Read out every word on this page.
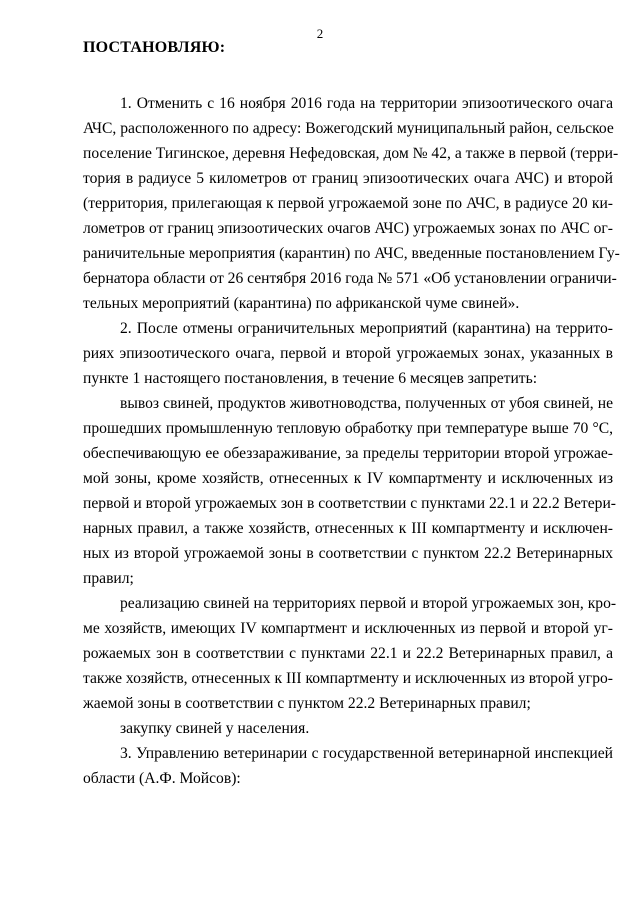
2
ПОСТАНОВЛЯЮ:

1. Отменить с 16 ноября 2016 года на территории эпизоотического очага
АЧС, расположенного по адресу: Вожегодский муниципальный район, сельское
поселение Тигинское, деревня Нефедовская, дом № 42, а также в первой (терри-
тория в радиусе 5 километров от границ эпизоотических очага АЧС) и второй
(территория, прилегающая к первой угрожаемой зоне по АЧС, в радиусе 20 ки-
лометров от границ эпизоотических очагов АЧС) угрожаемых зонах по АЧС ог-
раничительные мероприятия (карантин) по АЧС, введенные постановлением Гу-
бернатора области от 26 сентября 2016 года № 571 «Об установлении ограничи-
тельных мероприятий (карантина) по африканской чуме свиней».

2. После отмены ограничительных мероприятий (карантина) на террито-
риях эпизоотического очага, первой и второй угрожаемых зонах, указанных в
пункте 1 настоящего постановления, в течение 6 месяцев запретить:

вывоз свиней, продуктов животноводства, полученных от убоя свиней, не
прошедших промышленную тепловую обработку при температуре выше 70 °С,
обеспечивающую ее обеззараживание, за пределы территории второй угрожае-
мой зоны, кроме хозяйств, отнесенных к IV компартменту и исключенных из
первой и второй угрожаемых зон в соответствии с пунктами 22.1 и 22.2 Ветери-
нарных правил, а также хозяйств, отнесенных к III компартменту и исключен-
ных из второй угрожаемой зоны в соответствии с пунктом 22.2 Ветеринарных
правил;

реализацию свиней на территориях первой и второй угрожаемых зон, кро-
ме хозяйств, имеющих IV компартмент и исключенных из первой и второй уг-
рожаемых зон в соответствии с пунктами 22.1 и 22.2 Ветеринарных правил, а
также хозяйств, отнесенных к III компартменту и исключенных из второй угро-
жаемой зоны в соответствии с пунктом 22.2 Ветеринарных правил;

закупку свиней у населения.

3. Управлению ветеринарии с государственной ветеринарной инспекцией
области (А.Ф. Мойсов):
